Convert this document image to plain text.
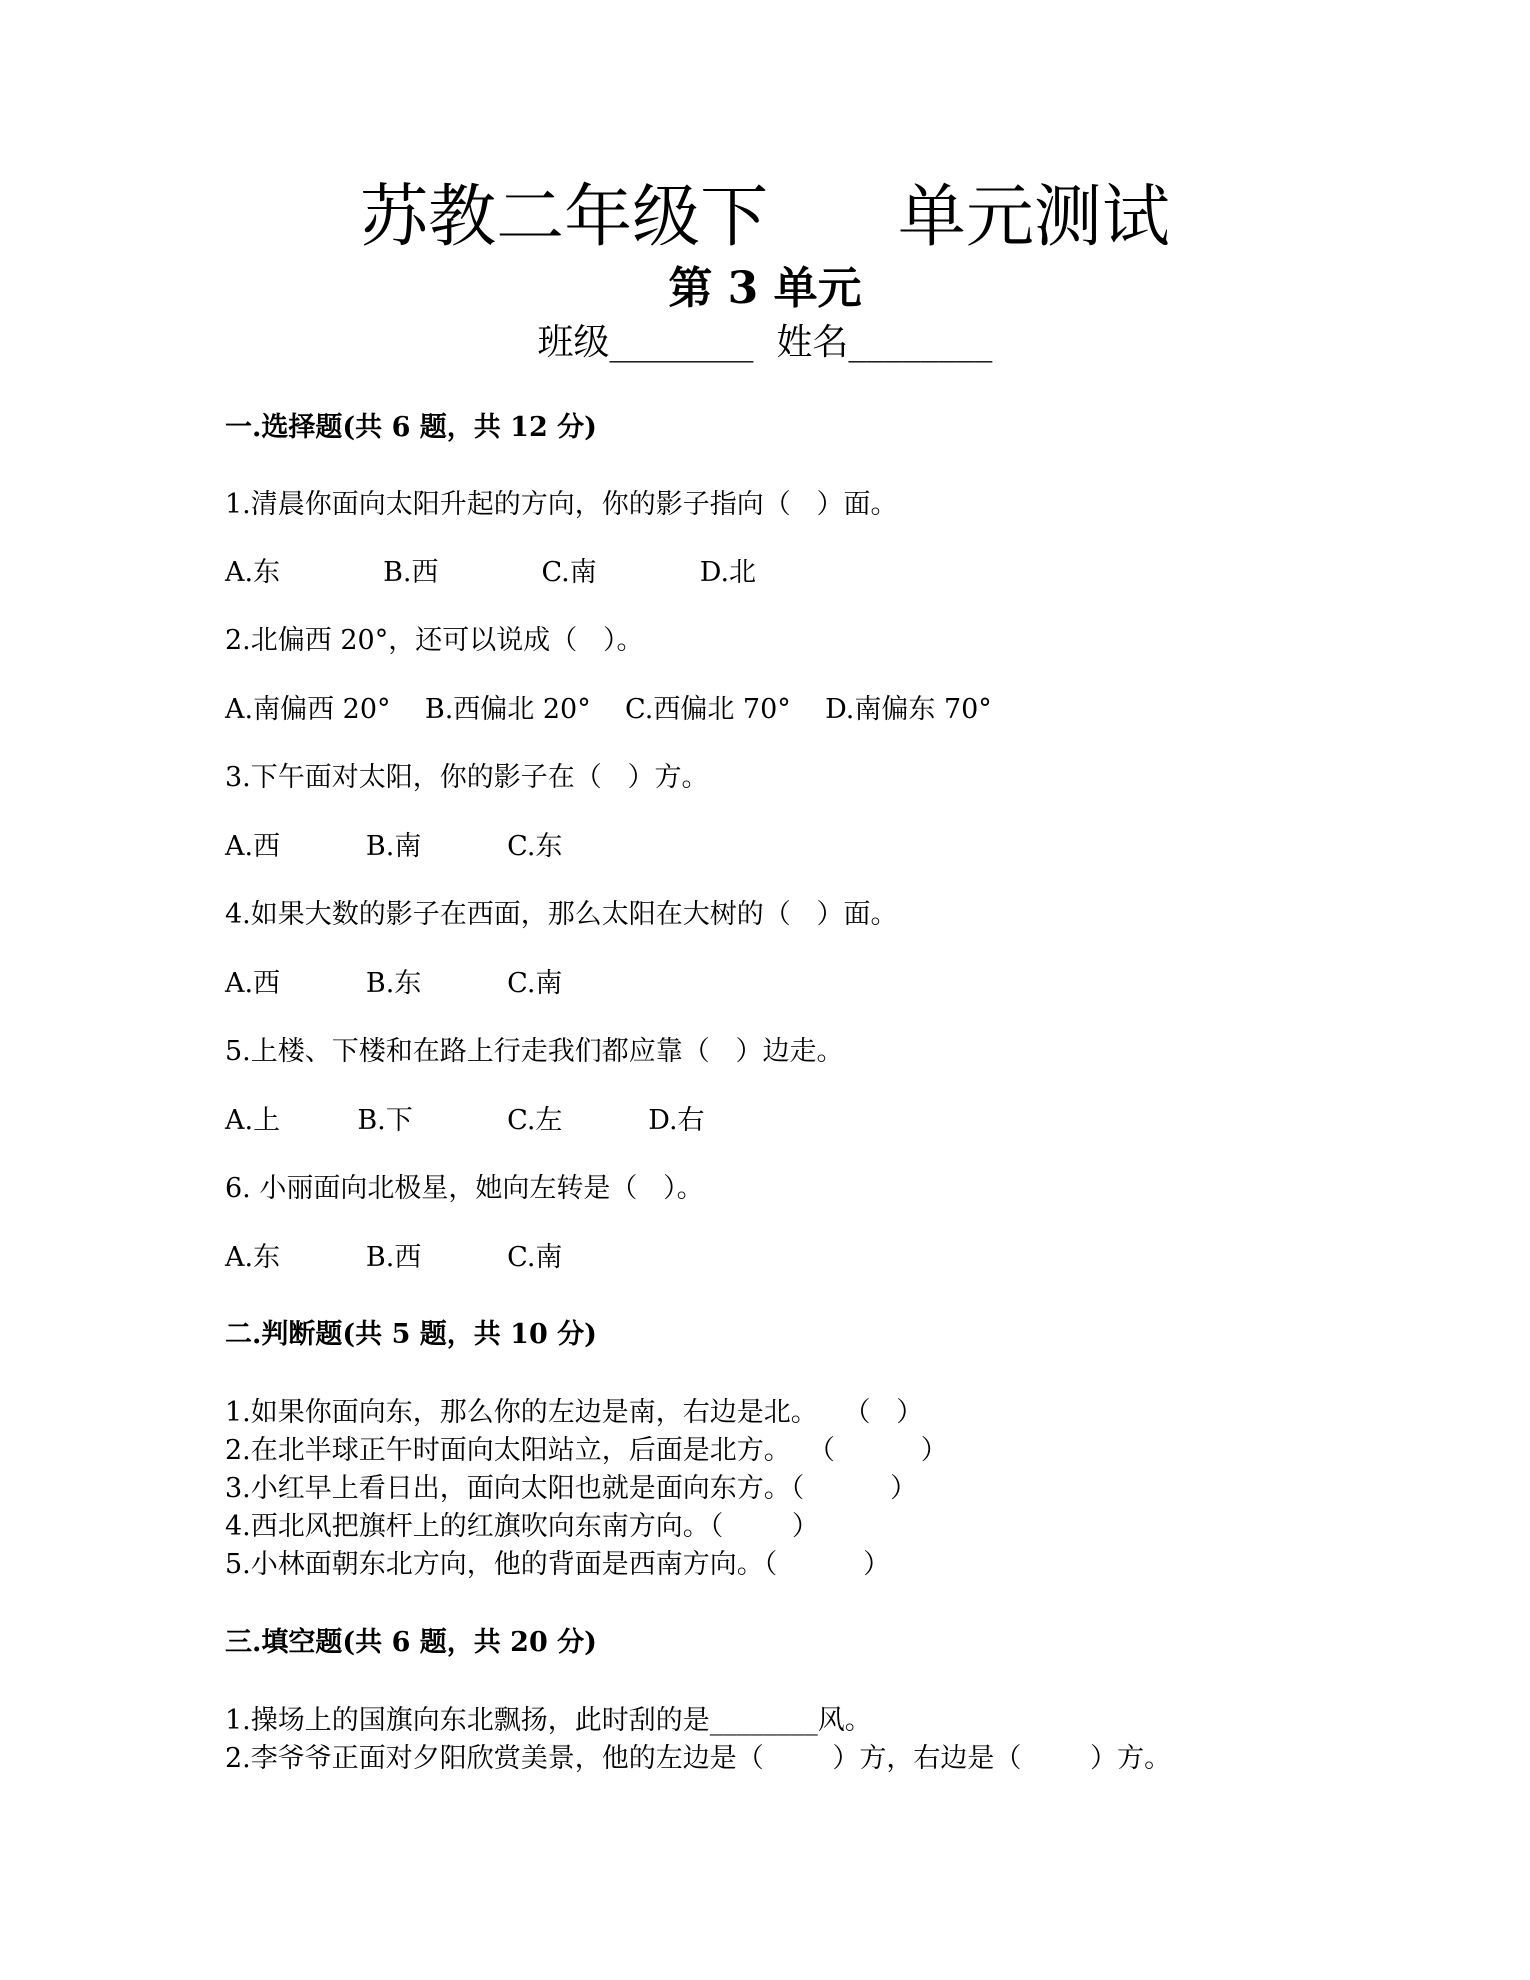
苏教二年级下      单元测试
第 3 单元
班级________  姓名________
一.选择题(共 6 题，共 12 分)
1.清晨你面向太阳升起的方向，你的影子指向（   ）面。
A.东            B.西            C.南            D.北
2.北偏西 20°，还可以说成（   ）。
A.南偏西 20°    B.西偏北 20°    C.西偏北 70°    D.南偏东 70°
3.下午面对太阳，你的影子在（   ）方。
A.西          B.南          C.东
4.如果大数的影子在西面，那么太阳在大树的（   ）面。
A.西          B.东          C.南
5.上楼、下楼和在路上行走我们都应靠（   ）边走。
A.上         B.下           C.左          D.右
6. 小丽面向北极星，她向左转是（   ）。
A.东          B.西          C.南
二.判断题(共 5 题，共 10 分)
1.如果你面向东，那么你的左边是南，右边是北。   （   ）
2.在北半球正午时面向太阳站立，后面是北方。  （          ）
3.小红早上看日出，面向太阳也就是面向东方。（          ）
4.西北风把旗杆上的红旗吹向东南方向。（        ）
5.小林面朝东北方向，他的背面是西南方向。（          ）
三.填空题(共 6 题，共 20 分)
1.操场上的国旗向东北飘扬，此时刮的是________风。
2.李爷爷正面对夕阳欣赏美景，他的左边是（        ）方，右边是（        ）方。
